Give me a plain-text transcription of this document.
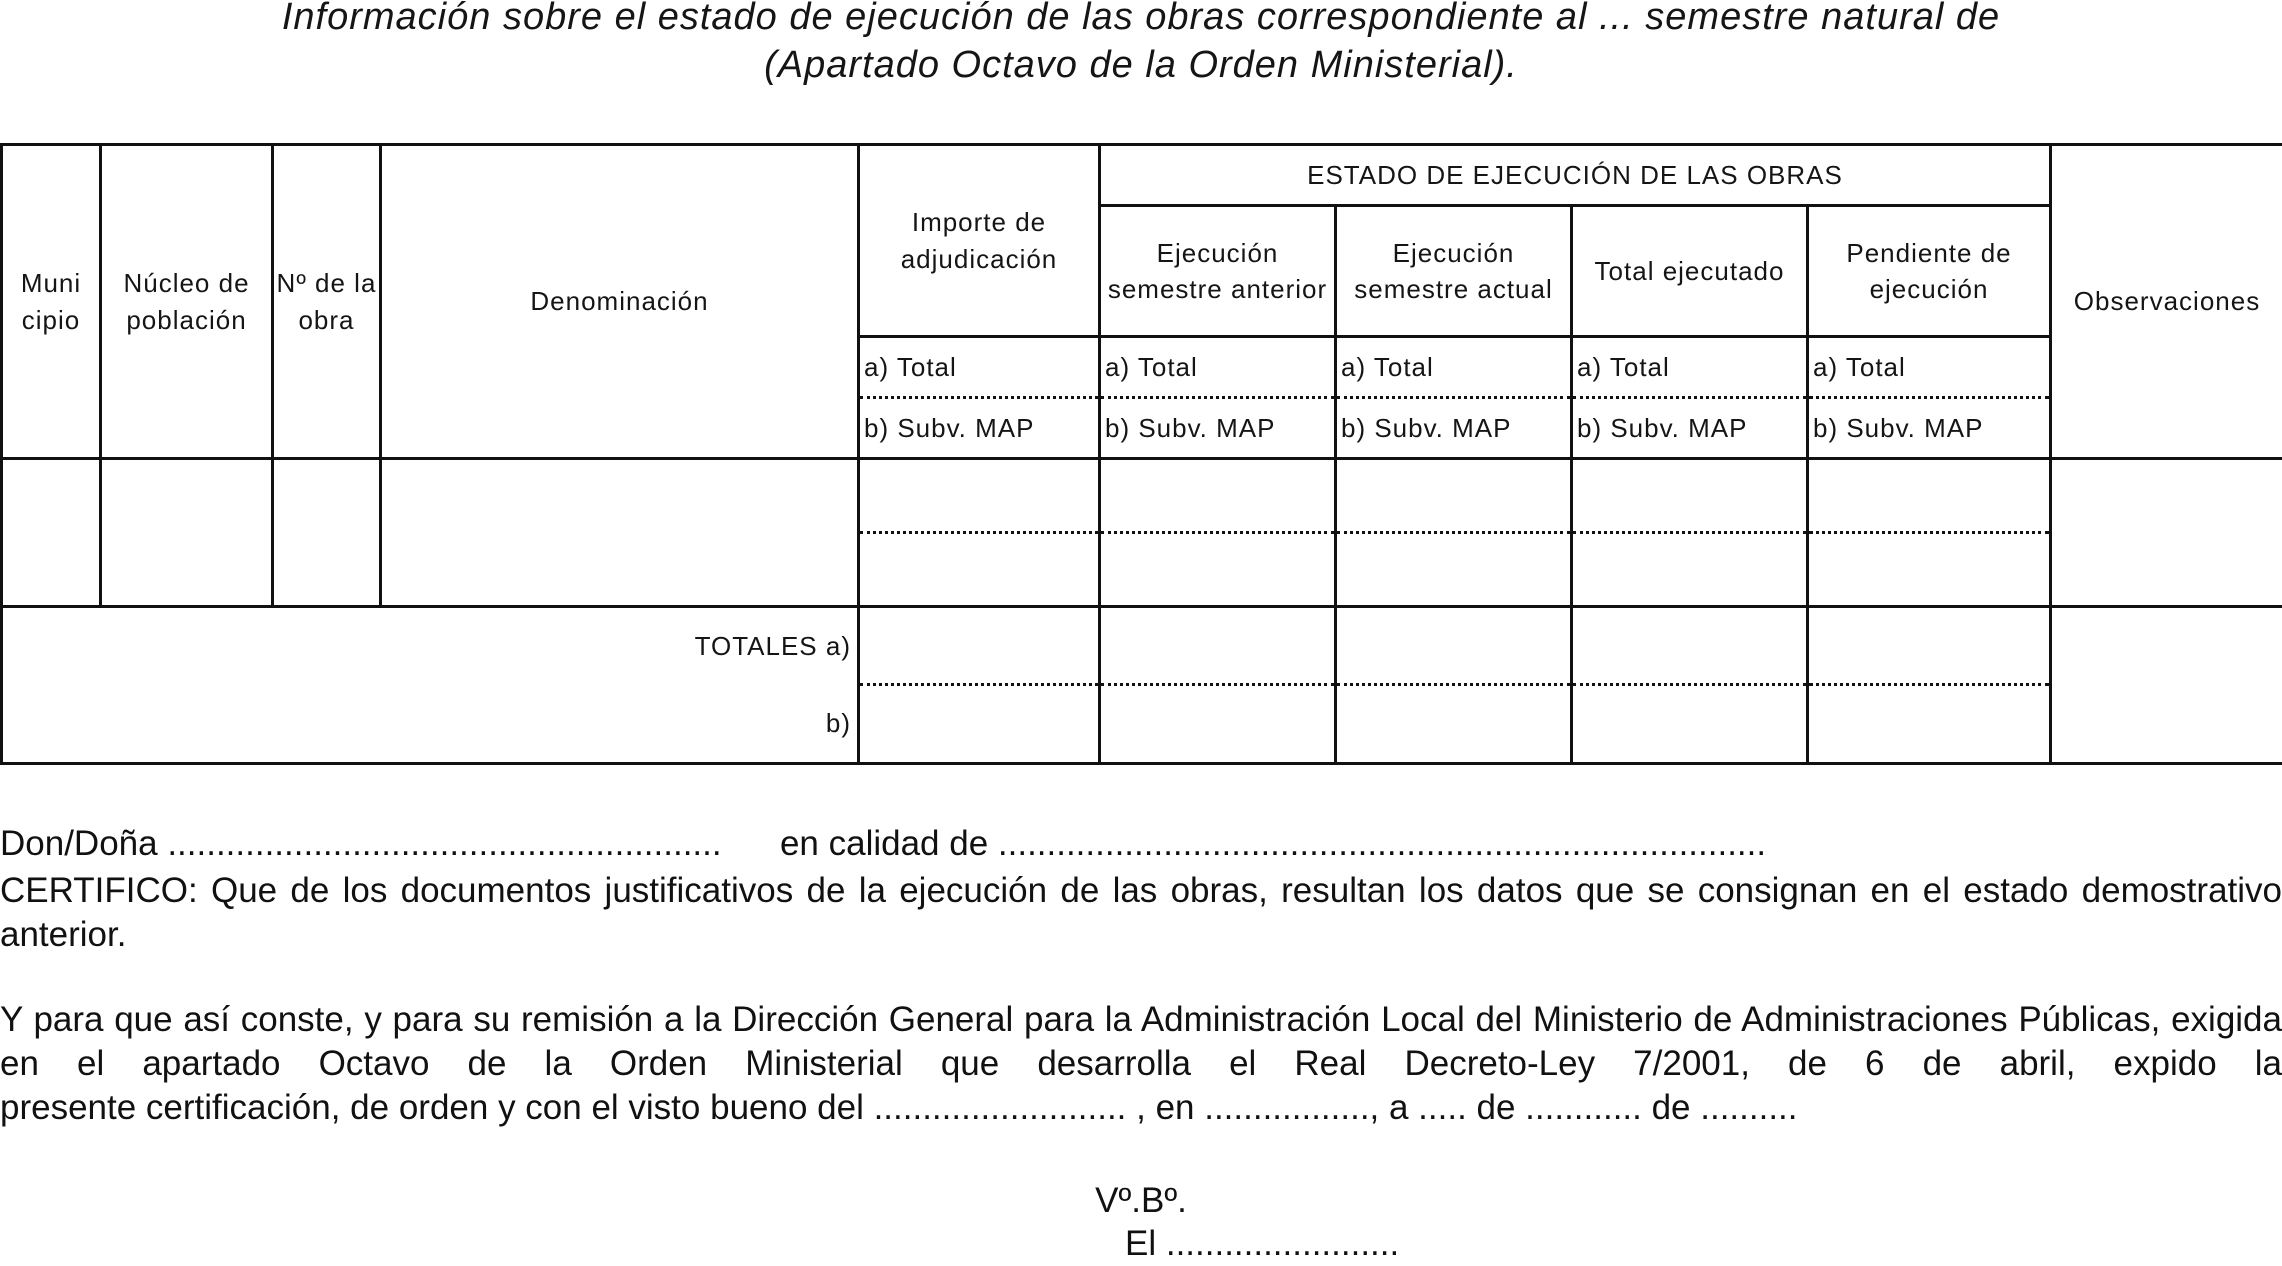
Información sobre el estado de ejecución de las obras correspondiente al ... semestre natural de
(Apartado Octavo de la Orden Ministerial).
Muni cipio	Núcleo de población	Nº de la obra	Denominación	Importe de adjudicación	ESTADO DE EJECUCIÓN DE LAS OBRAS				Observaciones
					Ejecución semestre anterior	Ejecución semestre actual	Total ejecutado	Pendiente de ejecución	
				a) Total	a) Total	a) Total	a) Total	a) Total	
				b) Subv. MAP	b) Subv. MAP	b) Subv. MAP	b) Subv. MAP	b) Subv. MAP	

TOTALES a)									
b)									
Don/Doña .........................................................      en calidad de ...............................................................................
CERTIFICO: Que de los documentos justificativos de la ejecución de las obras, resultan los datos que se consignan en el estado demostrativo anterior.
Y para que así conste, y para su remisión a la Dirección General para la Administración Local del Ministerio de Administraciones Públicas, exigida en el apartado Octavo de la Orden Ministerial que desarrolla el Real Decreto-Ley 7/2001, de 6 de abril, expido la
presente certificación, de orden y con el visto bueno del .......................... , en ................., a ..... de ............ de ..........
Vº.Bº.
El ........................
